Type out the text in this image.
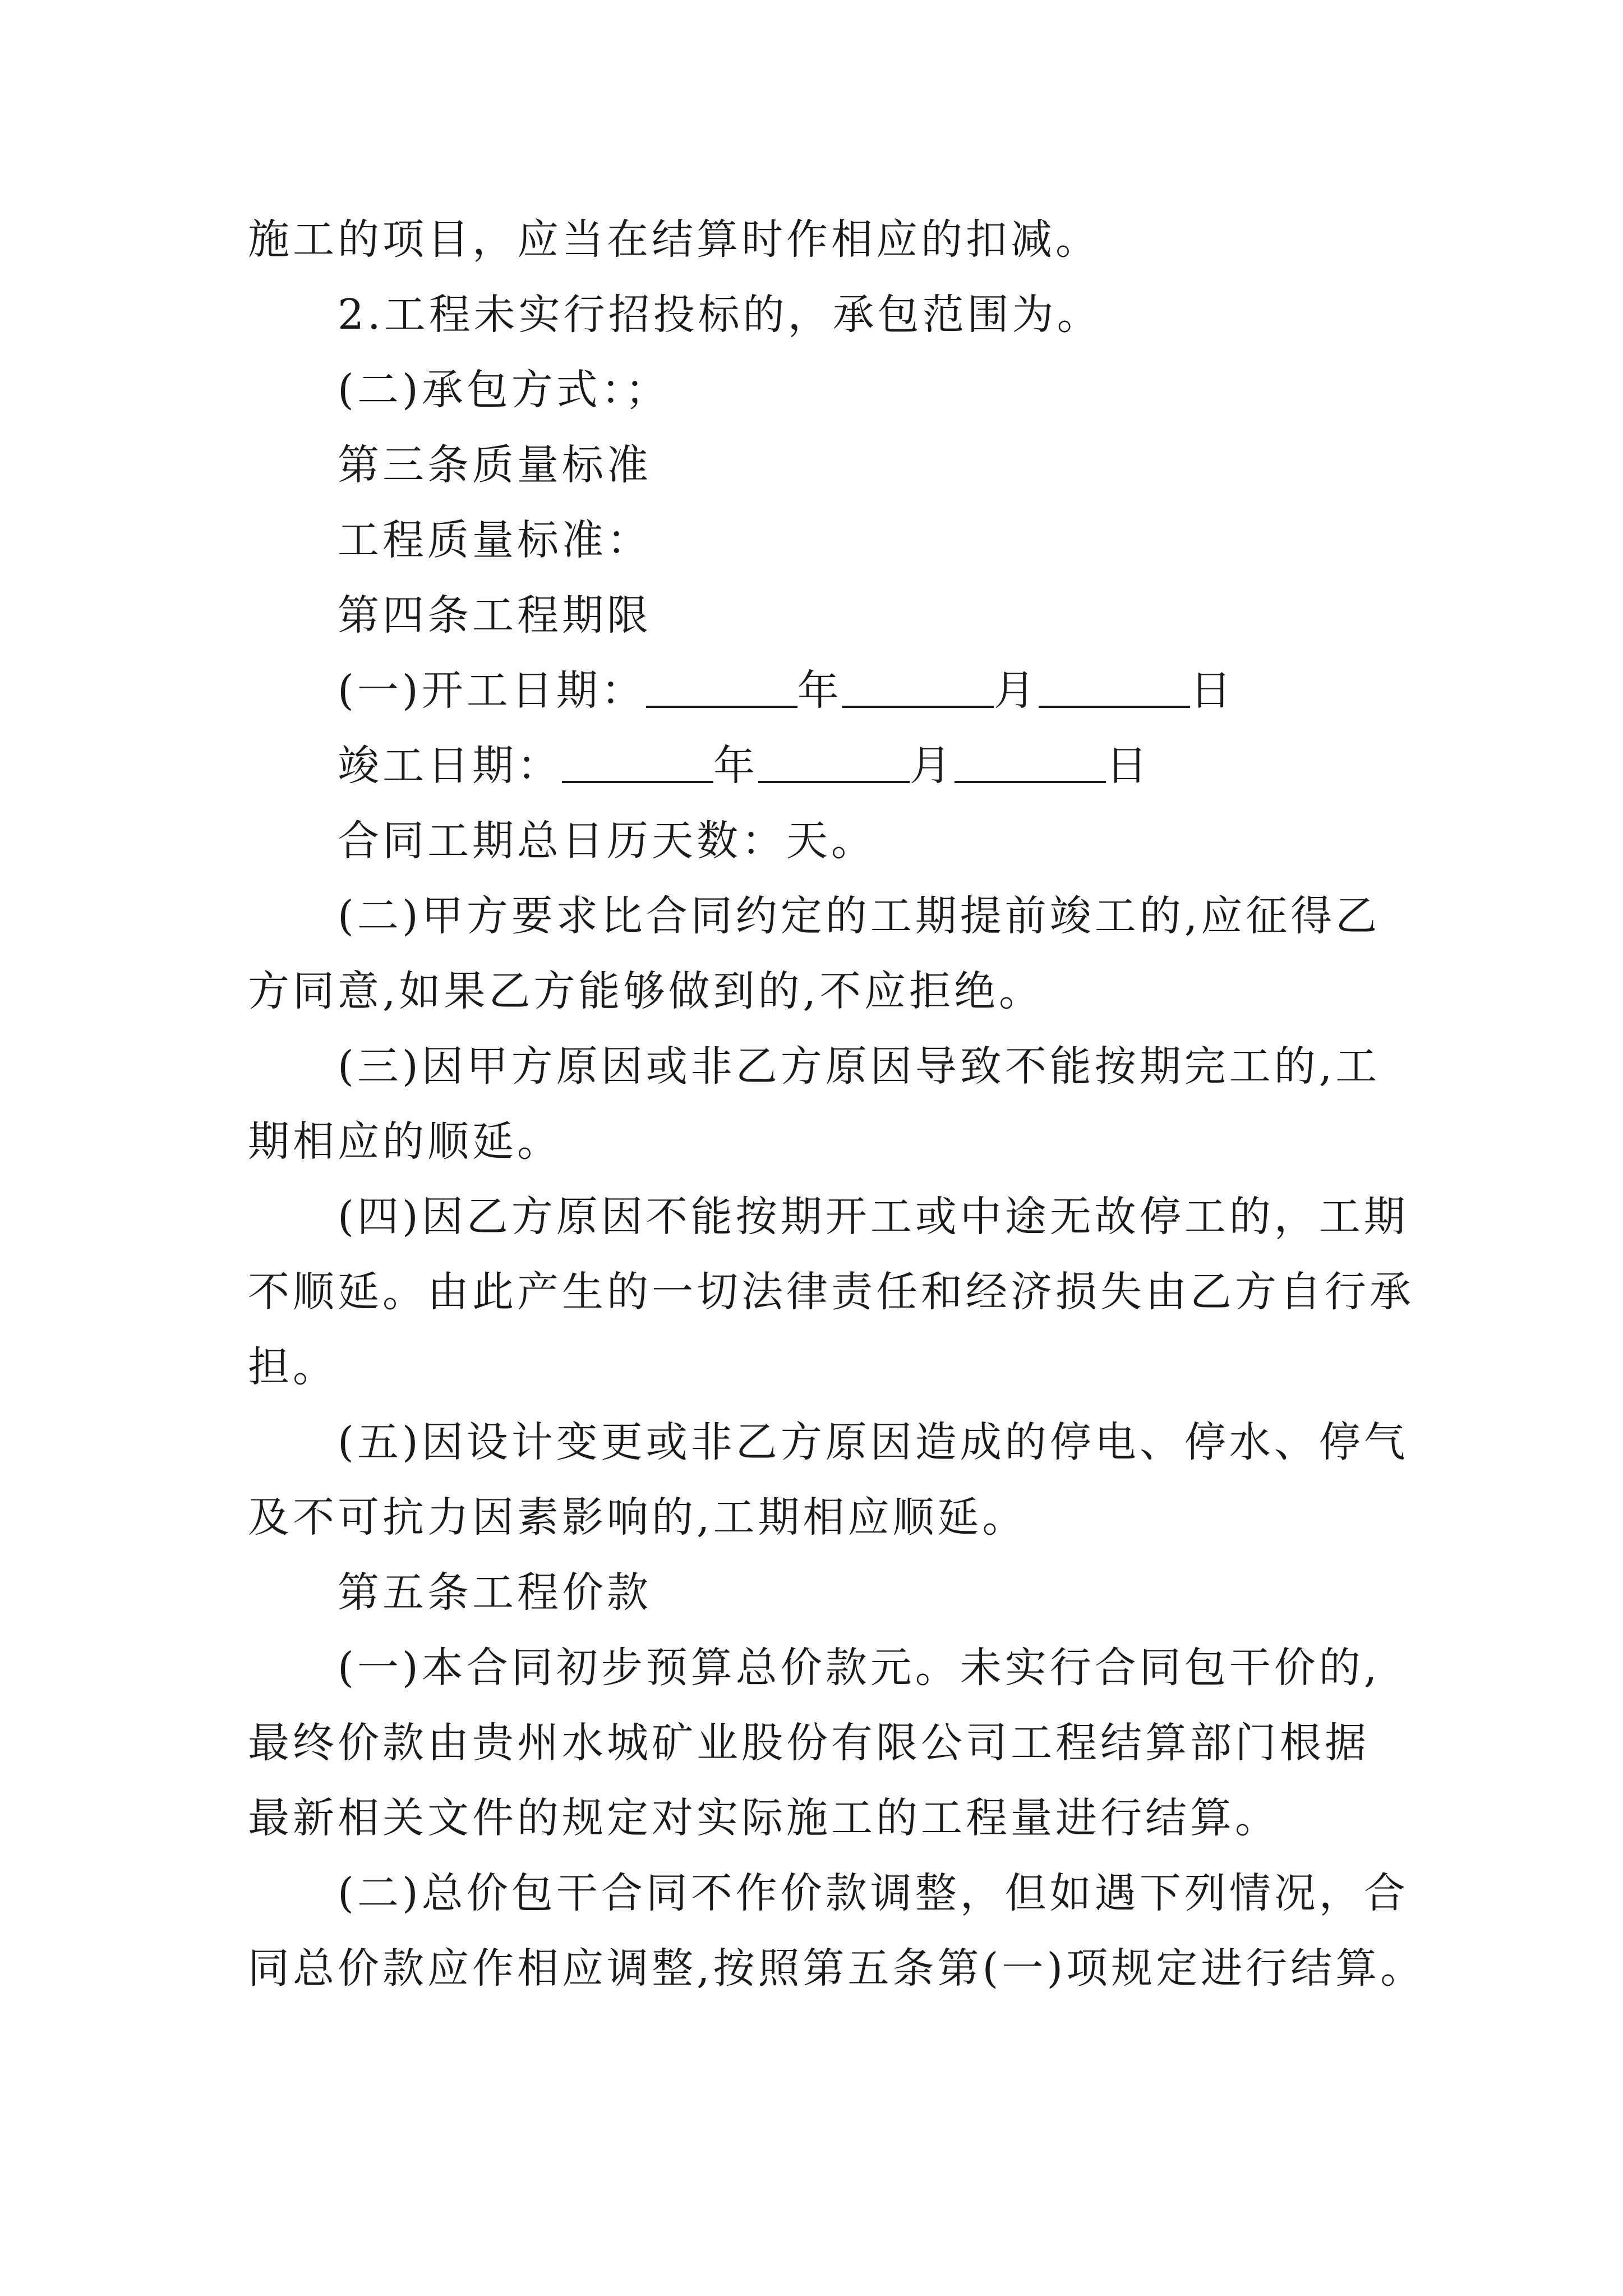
施工的项目，应当在结算时作相应的扣减。
2.工程未实行招投标的，承包范围为。
(二)承包方式：；
第三条质量标准
工程质量标准：
第四条工程期限
(一)开工日期：	年	月	日
竣工日期：	年	月	日
合同工期总日历天数：天。
(二)甲方要求比合同约定的工期提前竣工的,应征得乙
方同意,如果乙方能够做到的,不应拒绝。
(三)因甲方原因或非乙方原因导致不能按期完工的,工
期相应的顺延。
(四)因乙方原因不能按期开工或中途无故停工的，工期
不顺延。由此产生的一切法律责任和经济损失由乙方自行承
担。
(五)因设计变更或非乙方原因造成的停电、停水、停气
及不可抗力因素影响的,工期相应顺延。
第五条工程价款
(一)本合同初步预算总价款元。未实行合同包干价的,
最终价款由贵州水城矿业股份有限公司工程结算部门根据
最新相关文件的规定对实际施工的工程量进行结算。
(二)总价包干合同不作价款调整，但如遇下列情况，合
同总价款应作相应调整,按照第五条第(一)项规定进行结算。
